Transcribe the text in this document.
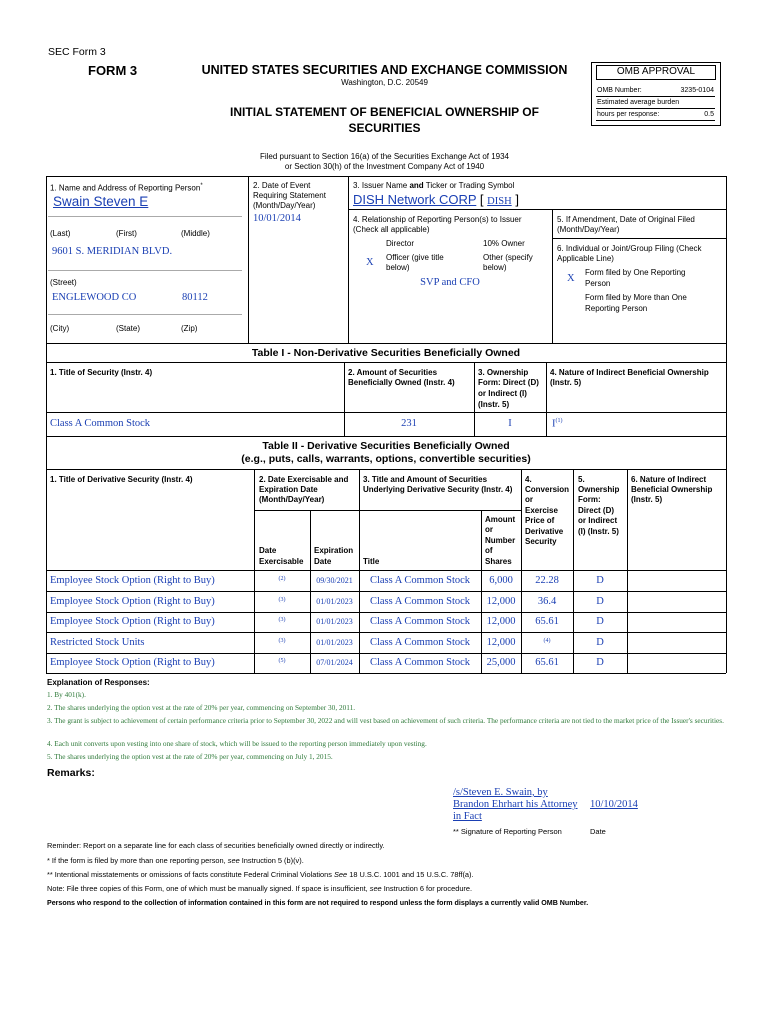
SEC Form 3
FORM 3	UNITED STATES SECURITIES AND EXCHANGE COMMISSION
Washington, D.C. 20549
INITIAL STATEMENT OF BENEFICIAL OWNERSHIP OF
SECURITIES
Filed pursuant to Section 16(a) of the Securities Exchange Act of 1934
or Section 30(h) of the Investment Company Act of 1940
OMB APPROVAL
OMB Number:	3235-0104
Estimated average burden
hours per response:	0.5
1. Name and Address of Reporting Person*
Swain Steven E
(Last)	(First)	(Middle)
9601 S. MERIDIAN BLVD.
(Street)
ENGLEWOOD CO	80112
(City)	(State)	(Zip)
2. Date of Event
Requiring Statement
(Month/Day/Year)
10/01/2014
3. Issuer Name and Ticker or Trading Symbol
DISH Network CORP [ DISH ]
4. Relationship of Reporting Person(s) to Issuer
(Check all applicable)
Director	10% Owner
X Officer (give title
below)
Other (specify
below)
SVP and CFO
5. If Amendment, Date of Original Filed
(Month/Day/Year)
6. Individual or Joint/Group Filing (Check
Applicable Line)
X
Form filed by One Reporting
Person
Form filed by More than One
Reporting Person
Table I - Non-Derivative Securities Beneficially Owned
1. Title of Security (Instr. 4)	2. Amount of Securities
Beneficially Owned (Instr. 4)
3. Ownership
Form: Direct (D)
or Indirect (I)
(Instr. 5)
4. Nature of Indirect Beneficial Ownership
(Instr. 5)
Class A Common Stock	231	I	$I^{(1)}$
Table II - Derivative Securities Beneficially Owned
(e.g., puts, calls, warrants, options, convertible securities)
1. Title of Derivative Security (Instr. 4)	2. Date Exercisable and
Expiration Date
(Month/Day/Year)
3. Title and Amount of Securities
Underlying Derivative Security (Instr. 4)
4.
Conversion
or
Exercise
Price of
Derivative
Security
5.
Ownership
Form:
Direct (D)
or Indirect
(I) (Instr. 5)
6. Nature of Indirect
Beneficial Ownership
(Instr. 5)
Date
Exercisable
Expiration
Date	Title
Amount
or
Number
of
Shares
Employee Stock Option (Right to Buy)	(2)	09/30/2021	Class A Common Stock	6,000	22.28	D
Employee Stock Option (Right to Buy)	(3)	01/01/2023	Class A Common Stock	12,000	36.4	D
Employee Stock Option (Right to Buy)	(3)	01/01/2023	Class A Common Stock	12,000	65.61	D
Restricted Stock Units	(3)	01/01/2023	Class A Common Stock	12,000	(4)	D
Employee Stock Option (Right to Buy)	(5)	07/01/2024	Class A Common Stock	25,000	65.61	D
Explanation of Responses:
1. By 401(k).
2. The shares underlying the option vest at the rate of 20% per year, commencing on September 30, 2011.
3. The grant is subject to achievement of certain performance criteria prior to September 30, 2022 and will vest based on achievement of such criteria. The performance criteria are not tied to the market price of the Issuer's securities.
4. Each unit converts upon vesting into one share of stock, which will be issued to the reporting person immediately upon vesting.
5. The shares underlying the option vest at the rate of 20% per year, commencing on July 1, 2015.
Remarks:
/s/Steven E. Swain, by
Brandon Ehrhart his Attorney
in Fact
10/10/2014
** Signature of Reporting Person	Date
Reminder: Report on a separate line for each class of securities beneficially owned directly or indirectly.
* If the form is filed by more than one reporting person, see Instruction 5 (b)(v).
** Intentional misstatements or omissions of facts constitute Federal Criminal Violations See 18 U.S.C. 1001 and 15 U.S.C. 78ff(a).
Note: File three copies of this Form, one of which must be manually signed. If space is insufficient, see Instruction 6 for procedure.
Persons who respond to the collection of information contained in this form are not required to respond unless the form displays a currently valid OMB Number.
